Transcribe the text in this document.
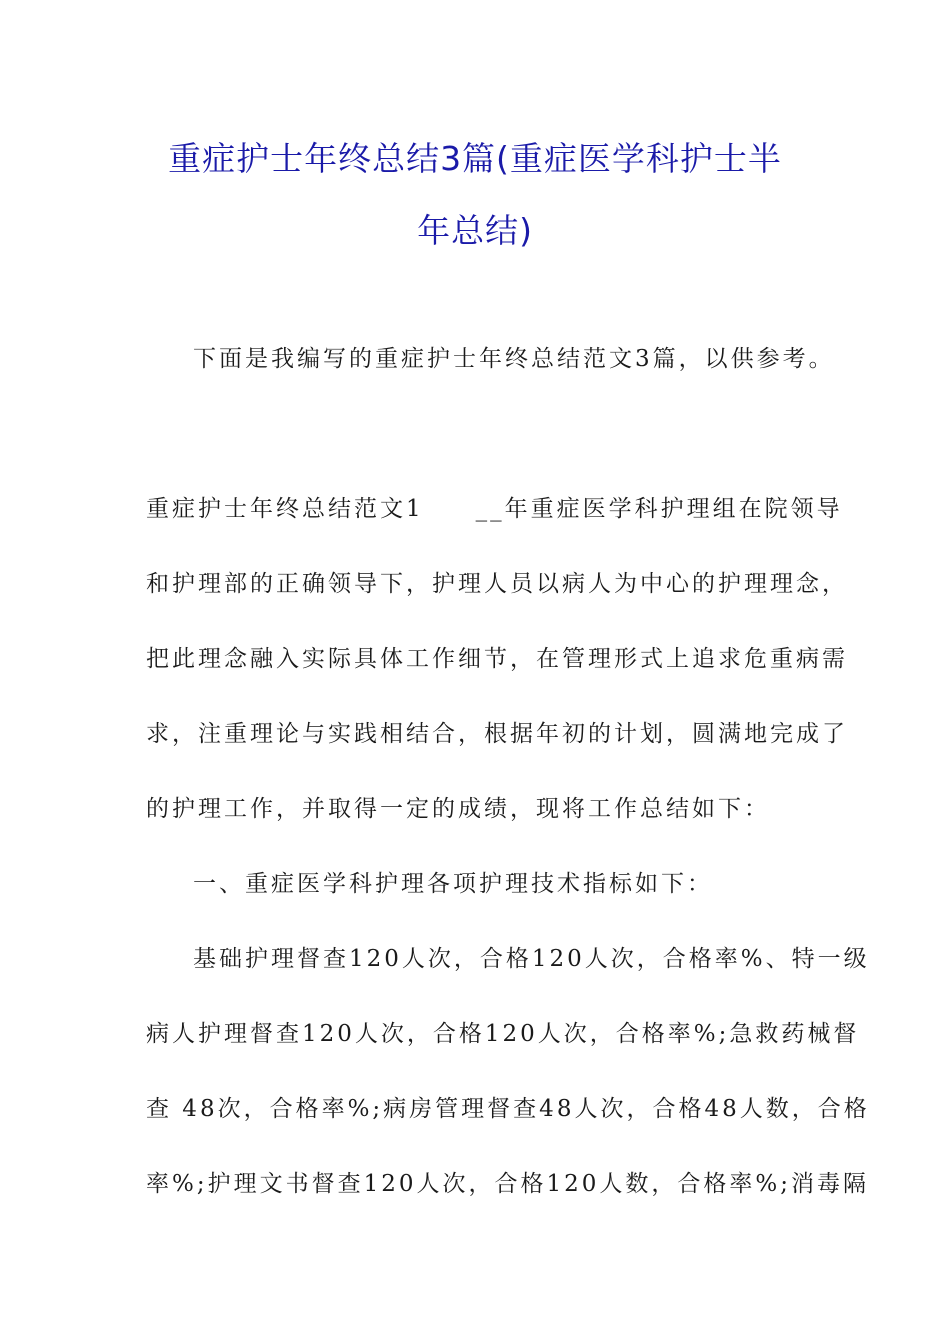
重症护士年终总结3篇(重症医学科护士半
年总结)
下面是我编写的重症护士年终总结范文3篇，以供参考。
重症护士年终总结范文1　　__年重症医学科护理组在院领导
和护理部的正确领导下，护理人员以病人为中心的护理理念，
把此理念融入实际具体工作细节，在管理形式上追求危重病需
求，注重理论与实践相结合，根据年初的计划，圆满地完成了
的护理工作，并取得一定的成绩，现将工作总结如下：
一、重症医学科护理各项护理技术指标如下：
基础护理督查120人次，合格120人次，合格率%、特一级
病人护理督查120人次，合格120人次，合格率%;急救药械督
查 48次，合格率%;病房管理督查48人次，合格48人数，合格
率%;护理文书督查120人次，合格120人数，合格率%;消毒隔
